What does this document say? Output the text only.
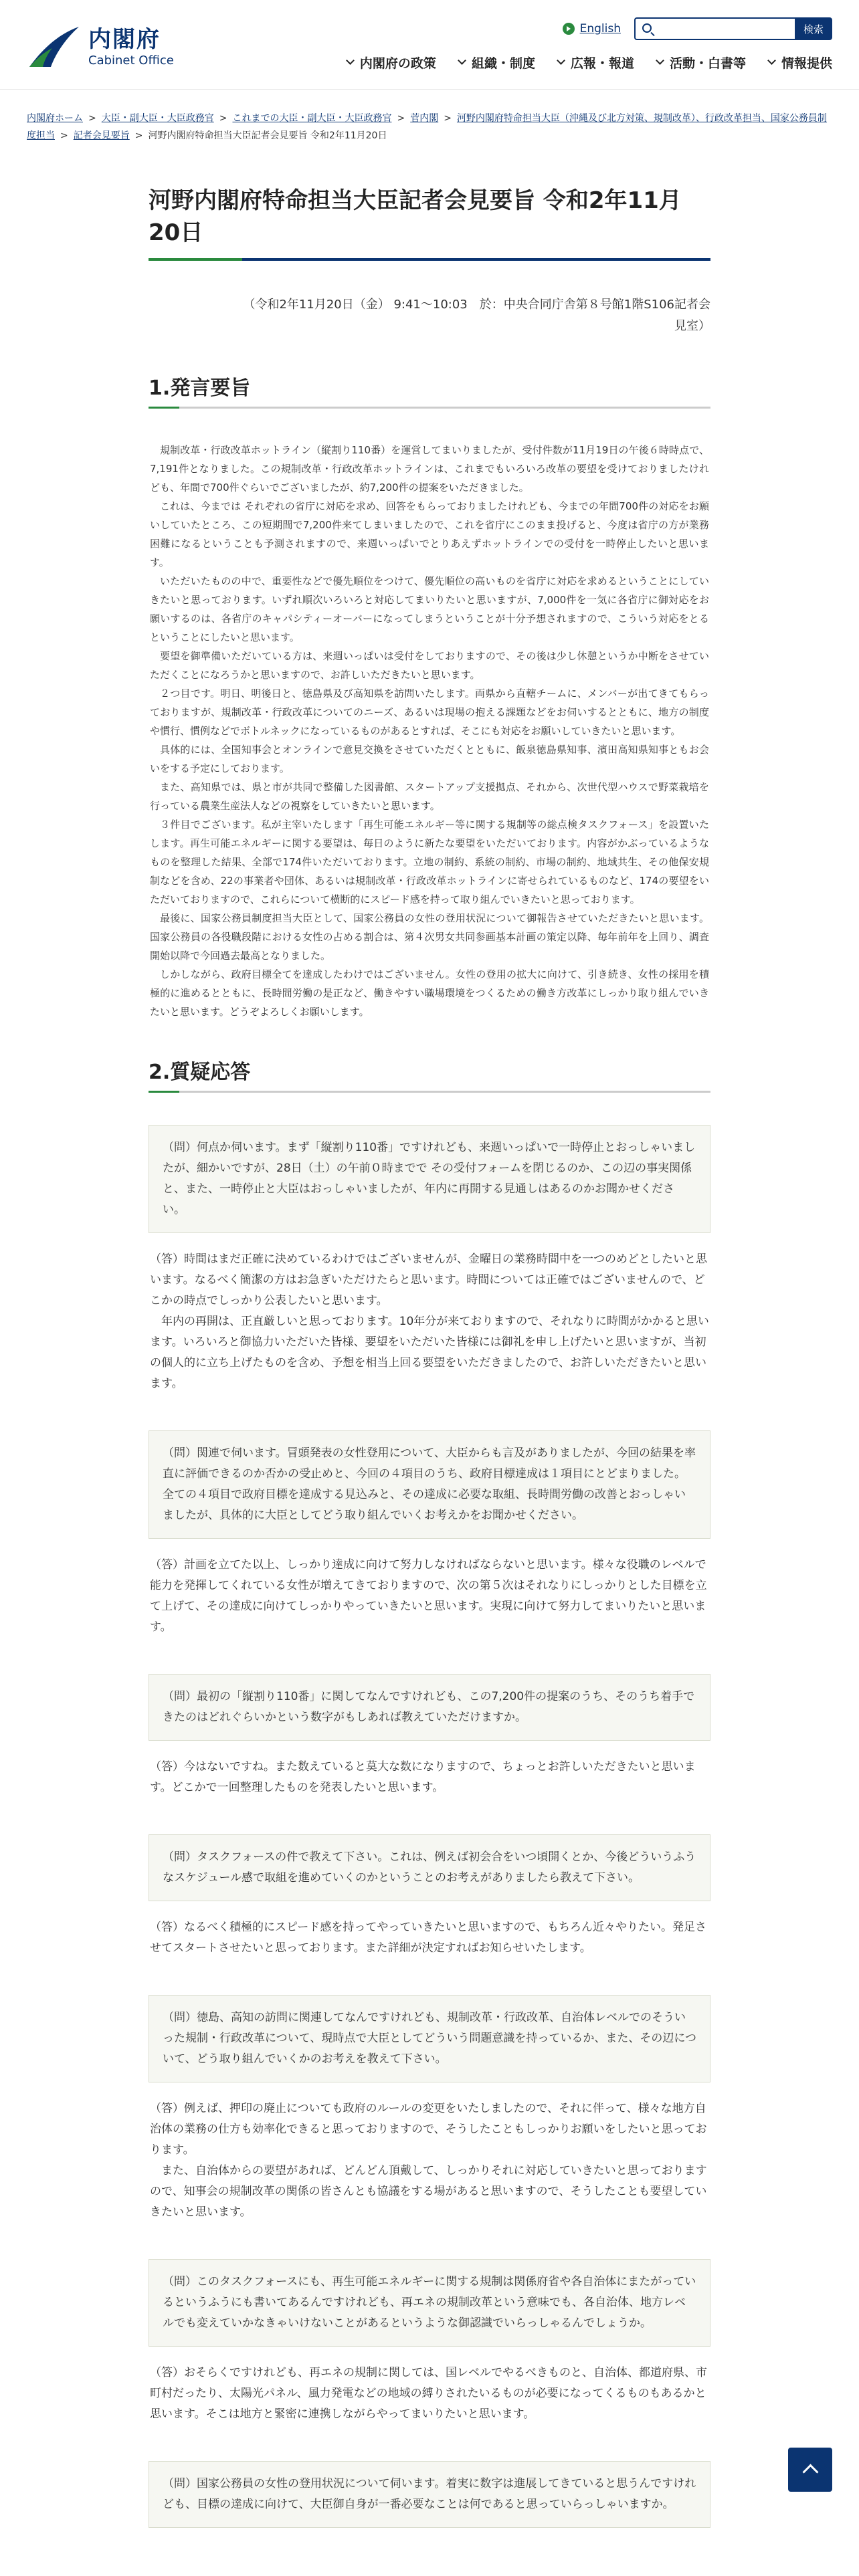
内閣府
Cabinet Office
English	検索
内閣府の政策	組織・制度	広報・報道	活動・白書等	情報提供
内閣府ホーム > 大臣・副大臣・大臣政務官 > これまでの大臣・副大臣・大臣政務官 > 菅内閣 > 河野内閣府特命担当大臣（沖縄及び北方対策、規制改革）、行政改革担当、国家公務員制度担当 > 記者会見要旨 > 河野内閣府特命担当大臣記者会見要旨 令和2年11月20日
河野内閣府特命担当大臣記者会見要旨 令和2年11月20日
（令和2年11月20日（金） 9:41～10:03　於：中央合同庁舎第８号館1階S106記者会
見室）
1.発言要旨

規制改革・行政改革ホットライン（縦割り110番）を運営してまいりましたが、受付件数が11月19日の午後６時時点で、7,191件となりました。この規制改革・行政改革ホットラインは、これまでもいろいろ改革の要望を受けておりましたけれども、年間で700件ぐらいでございましたが、約7,200件の提案をいただきました。

これは、今までは それぞれの省庁に対応を求め、回答をもらっておりましたけれども、今までの年間700件の対応をお願いしていたところ、この短期間で7,200件来てしまいましたので、これを省庁にこのまま投げると、今度は省庁の方が業務困難になるということも予測されますので、来週いっぱいでとりあえずホットラインでの受付を一時停止したいと思います。

いただいたものの中で、重要性などで優先順位をつけて、優先順位の高いものを省庁に対応を求めるということにしていきたいと思っております。いずれ順次いろいろと対応してまいりたいと思いますが、7,000件を一気に各省庁に御対応をお願いするのは、各省庁のキャパシティーオーバーになってしまうということが十分予想されますので、こういう対応をとるということにしたいと思います。

要望を御準備いただいている方は、来週いっぱいは受付をしておりますので、その後は少し休憩というか中断をさせていただくことになろうかと思いますので、お許しいただきたいと思います。

２つ目です。明日、明後日と、徳島県及び高知県を訪問いたします。両県から直轄チームに、メンバーが出てきてもらっておりますが、規制改革・行政改革についてのニーズ、あるいは現場の抱える課題などをお伺いするとともに、地方の制度や慣行、慣例などでボトルネックになっているものがあるとすれば、そこにも対応をお願いしていきたいと思います。

具体的には、全国知事会とオンラインで意見交換をさせていただくとともに、飯泉徳島県知事、濱田高知県知事ともお会いをする予定にしております。

また、高知県では、県と市が共同で整備した図書館、スタートアップ支援拠点、それから、次世代型ハウスで野菜栽培を行っている農業生産法人などの視察をしていきたいと思います。

３件目でございます。私が主宰いたします「再生可能エネルギー等に関する規制等の総点検タスクフォース」を設置いたします。再生可能エネルギーに関する要望は、毎日のように新たな要望をいただいております。内容がかぶっているようなものを整理した結果、全部で174件いただいております。立地の制約、系統の制約、市場の制約、地域共生、その他保安規制などを含め、22の事業者や団体、あるいは規制改革・行政改革ホットラインに寄せられているものなど、174の要望をいただいておりますので、これらについて横断的にスピード感を持って取り組んでいきたいと思っております。

最後に、国家公務員制度担当大臣として、国家公務員の女性の登用状況について御報告させていただきたいと思います。国家公務員の各役職段階における女性の占める割合は、第４次男女共同参画基本計画の策定以降、毎年前年を上回り、調査開始以降で今回過去最高となりました。

しかしながら、政府目標全てを達成したわけではございません。女性の登用の拡大に向けて、引き続き、女性の採用を積極的に進めるとともに、長時間労働の是正など、働きやすい職場環境をつくるための働き方改革にしっかり取り組んでいきたいと思います。どうぞよろしくお願いします。

2.質疑応答
（問）何点か伺います。まず「縦割り110番」ですけれども、来週いっぱいで一時停止とおっしゃいましたが、細かいですが、28日（土）の午前０時までで その受付フォームを閉じるのか、この辺の事実関係と、また、一時停止と大臣はおっしゃいましたが、年内に再開する見通しはあるのかお聞かせください。

（答）時間はまだ正確に決めているわけではございませんが、金曜日の業務時間中を一つのめどとしたいと思います。なるべく簡潔の方はお急ぎいただけたらと思います。時間については正確ではございませんので、どこかの時点でしっかり公表したいと思います。

年内の再開は、正直厳しいと思っております。10年分が来ておりますので、それなりに時間がかかると思います。いろいろと御協力いただいた皆様、要望をいただいた皆様には御礼を申し上げたいと思いますが、当初の個人的に立ち上げたものを含め、予想を相当上回る要望をいただきましたので、お許しいただきたいと思います。

（問）関連で伺います。冒頭発表の女性登用について、大臣からも言及がありましたが、今回の結果を率直に評価できるのか否かの受止めと、今回の４項目のうち、政府目標達成は１項目にとどまりました。全ての４項目で政府目標を達成する見込みと、その達成に必要な取組、長時間労働の改善とおっしゃいましたが、具体的に大臣としてどう取り組んでいくお考えかをお聞かせください。

（答）計画を立てた以上、しっかり達成に向けて努力しなければならないと思います。様々な役職のレベルで能力を発揮してくれている女性が増えてきておりますので、次の第５次はそれなりにしっかりとした目標を立て上げて、その達成に向けてしっかりやっていきたいと思います。実現に向けて努力してまいりたいと思います。

（問）最初の「縦割り110番」に関してなんですけれども、この7,200件の提案のうち、そのうち着手できたのはどれぐらいかという数字がもしあれば教えていただけますか。

（答）今はないですね。また数えていると莫大な数になりますので、ちょっとお許しいただきたいと思います。どこかで一回整理したものを発表したいと思います。

（問）タスクフォースの件で教えて下さい。これは、例えば初会合をいつ頃開くとか、今後どういうふうなスケジュール感で取組を進めていくのかということのお考えがありましたら教えて下さい。

（答）なるべく積極的にスピード感を持ってやっていきたいと思いますので、もちろん近々やりたい。発足させてスタートさせたいと思っております。また詳細が決定すればお知らせいたします。

（問）徳島、高知の訪問に関連してなんですけれども、規制改革・行政改革、自治体レベルでのそういった規制・行政改革について、現時点で大臣としてどういう問題意識を持っているか、また、その辺について、どう取り組んでいくかのお考えを教えて下さい。

（答）例えば、押印の廃止についても政府のルールの変更をいたしましたので、それに伴って、様々な地方自治体の業務の仕方も効率化できると思っておりますので、そうしたこともしっかりお願いをしたいと思っております。

また、自治体からの要望があれば、どんどん頂戴して、しっかりそれに対応していきたいと思っておりますので、知事会の規制改革の関係の皆さんとも協議をする場があると思いますので、そうしたことも要望していきたいと思います。

（問）このタスクフォースにも、再生可能エネルギーに関する規制は関係府省や各自治体にまたがっているというふうにも書いてあるんですけれども、再エネの規制改革という意味でも、各自治体、地方レベルでも変えていかなきゃいけないことがあるというような御認識でいらっしゃるんでしょうか。

（答）おそらくですけれども、再エネの規制に関しては、国レベルでやるべきものと、自治体、都道府県、市町村だったり、太陽光パネル、風力発電などの地域の縛りされたいるものが必要になってくるものもあるかと思います。そこは地方と緊密に連携しながらやってまいりたいと思います。

（問）国家公務員の女性の登用状況について伺います。着実に数字は進展してきていると思うんですけれども、目標の達成に向けて、大臣御自身が一番必要なことは何であると思っていらっしゃいますか。
